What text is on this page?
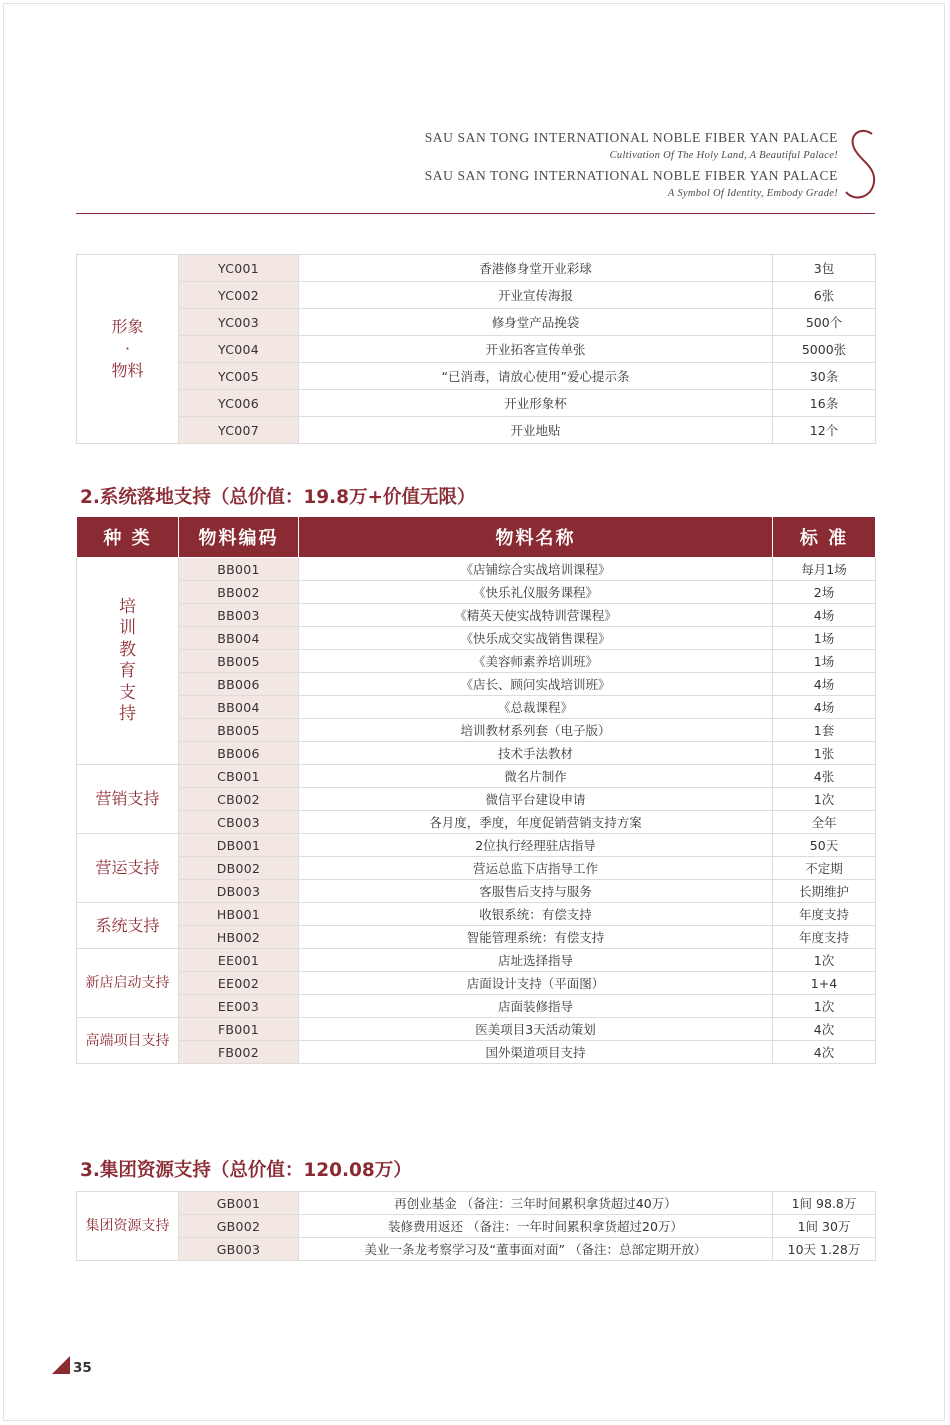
SAU SAN TONG INTERNATIONAL NOBLE FIBER YAN PALACE
Cultivation Of The Holy Land, A Beautiful Palace!
SAU SAN TONG INTERNATIONAL NOBLE FIBER YAN PALACE
A Symbol Of Identity, Embody Grade!
形象
·
物料	YC001	香港修身堂开业彩球	3包
	YC002	开业宣传海报	6张
	YC003	修身堂产品挽袋	500个
	YC004	开业拓客宣传单张	5000张
	YC005	“已消毒，请放心使用”爱心提示条	30条
	YC006	开业形象杯	16条
	YC007	开业地贴	12个
2.系统落地支持（总价值：19.8万+价值无限）
种 类	物料编码	物料名称	标 准

培训教育支持	BB001	《店铺综合实战培训课程》	每月1场
	BB002	《快乐礼仪服务课程》	2场
	BB003	《精英天使实战特训营课程》	4场
	BB004	《快乐成交实战销售课程》	1场
	BB005	《美容师素养培训班》	1场
	BB006	《店长、顾问实战培训班》	4场
	BB004	《总裁课程》	4场
	BB005	培训教材系列套（电子版）	1套
	BB006	技术手法教材	1张

营销支持	CB001	微名片制作	4张
	CB002	微信平台建设申请	1次
	CB003	各月度，季度，年度促销营销支持方案	全年

营运支持	DB001	2位执行经理驻店指导	50天
	DB002	营运总监下店指导工作	不定期
	DB003	客服售后支持与服务	长期维护

系统支持	HB001	收银系统：有偿支持	年度支持
	HB002	智能管理系统：有偿支持	年度支持

新店启动支持	EE001	店址选择指导	1次
	EE002	店面设计支持（平面图）	1+4
	EE003	店面装修指导	1次

高端项目支持	FB001	医美项目3天活动策划	4次
	FB002	国外渠道项目支持	4次
3.集团资源支持（总价值：120.08万）
集团资源支持	GB001	再创业基金 （备注：三年时间累积拿货超过40万）	1间 98.8万
	GB002	装修费用返还 （备注：一年时间累积拿货超过20万）	1间 30万
	GB003	美业一条龙考察学习及“董事面对面” （备注：总部定期开放）	10天 1.28万
35
